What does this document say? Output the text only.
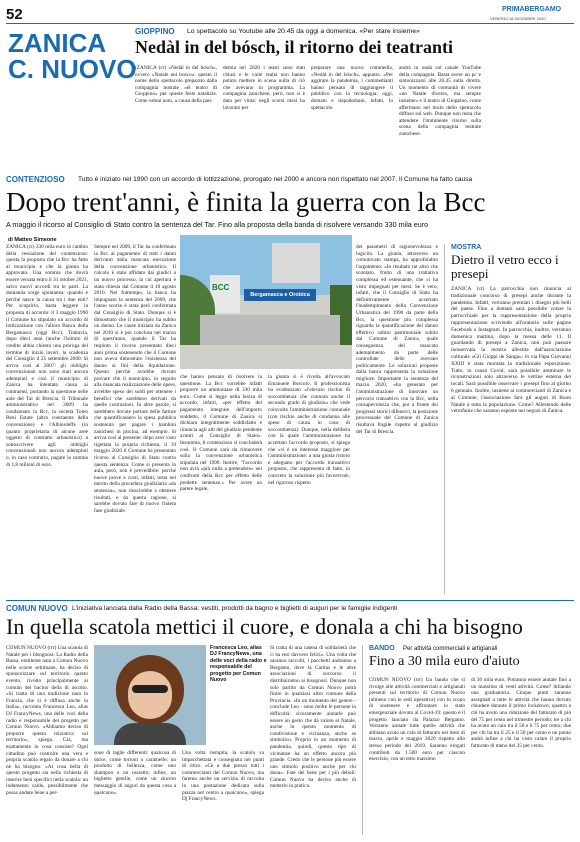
52	PRIMABERGAMO
VENERDÌ 18 DICEMBRE 2020
ZANICA
C. NUOVO
GIOPPINO Lo spettacolo su Youtube alle 20.45 da oggi a domenica. «Per stare insieme»
Nedàl in del bósch, il ritorno dei teatranti
(ZANICA (cr) «Nedàl in del bósch», ovvero «Natale nel bosco»: questo il nome dello spettacolo preparato dalla compagnia teatrale «el teatro di Gioppino» per queste feste natalizie. Come ormai noto, a causa della pan-
demia nel 2020 i teatri sono stati chiusi e le varie realtà non hanno potuto mettere in scena nulla di ciò che avevano in programma. La compagnia zanichese, però, non si è data per vinta: negli scorsi mesi ha lavorato per
preparare una nuova commedia, «Nedàl in del bósch», appunto. «Per aggirare la pandemia, i commedianti hanno pensato di raggiungere il pubblico con la tecnologia: oggi, domani e dopodomani, infatti, lo spettacolo
andrà in onda sul canale YouTube della compagnia. Basta avere un pc e sintonizzarsi alle 20.45 sulla diretta. Un momento di comunità di vivere «un Natale diverso, ma sempre insieme» e il teatro di Gioppino, come affermano nel titolo dello spettacolo diffuso sul web. Dunque non resta che attendere l'imminente ritorno sulla scena della compagnia teatrale zanichese.
CONTENZIOSO Tutto è iniziato nel 1990 con un accordo di lottizzazione, prorogato nel 2000 e ancora non rispettato nel 2007. Il Comune ha fatto causa
Dopo trent'anni, è finita la guerra con la Bcc
A maggio il ricorso al Consiglio di Stato contro la sentenza del Tar. Fino alla proposta della banda di risolvere versando 330 mila euro
di Matteo Simeone
ZANICA (ct) 330 mila euro in cambio della cessazione del contenzioso: questa la proposta che la Bcc ha fatto al municipio e che la giunta ha approvato. Una somma che dovrà essere versata entro il 31 ottobre 2021, salvo nuovi accordi tra le parti. La domanda sorge spontanea: quando e perché nasce la causa tra i due enti? Per scoprirlo, basta leggere la proposta di accordo: il 3 maggio 1990 il Comune ha stipulato un accordo di lottizzazione con l'allora Banca della Bergamasca (oggi Bcc). Trattavia, dopo dieci anni (anche l'istituto di credito abbia chiesto una proroga del termine di inizio lavori, la scadenza del Consiglio il 25 settembre 2000. Si arriva così al 2007: gli obblighi convenzionali non sono stati ancora adempiuti e così il municipio di Zanica ha intentato causa ai contraenti, portando la questione nelle aule del Tar di Brescia. Il Tribunale amministrativo nel 2009 ha condannato la Bcc, la società Toleo Beni Estate (altra contraente della convenzione) e l'Albinoleffe (in quanto proprietaria di alcune aree oggetto di contratto urbanistico) a sottoscrivere agli obblighi convenzionali non ancora adempiuti o, in caso contrario, pagare la somma di 1,8 milioni di euro.
Sempre nel 2009, il Tar ha confermato la Bcc al pagamento di tutti i danni derivanti dalla mancata esecuzione della convenzione urbanistica. Il calcolo è stato affidato dai giudici a un nuovo processo, la cui apertura è stata chiesta dal Comune il 10 agosto 2010. Nel frattempo, la banca ha impugnato la sentenza del 2009, che l'anno scorso è stata però confermata dal Consiglio di Stato. Dunque si è dimostrato che il municipio ha subito un danno. Le cause iniziata da Zanica nel 2010 si è poi conclusa nel marzo di quest'anno, quando il Tar ha respinto il ricorso presentato dieci anni prima sostenendo che il Comune non aveva dimostrato l'esistenza del danno ai fini della liquidazione. Questo perché avrebbe dovuto provare che il municipio, in seguito alla mancata realizzazione delle opere, avrebbe speso dei soldi per ottenere i benefici che sarebbero derivati da quelle costruzioni. In altre parole, si sarebbero dovute portare delle fatture che quantificassero la spesa pubblica sostenuta per pagare i bambini zanichesi in piscina, ad esempio. Si arriva così al presente: dopo aver visto rigettata la propria richiesta, il 19 maggio 2020 il Comune ha presentato ricorso al Consiglio di Stato contro questa sentenza. Come si presenta in aula, però, non è prevedibile: perché nuove prove a costi, infatti, resta nel merito della procedura giudiziaria «da sentenza», non riuscirebbe a ottenere risultati, e da questa ragione, si sarebbe dovuto fare di nuovo l'intera fase giudiziale.
BCC
Bergamasca e Orobica
che hanno pensato di risolvere la questione. La Bcc vorrebbe infatti proporre un ammontare di 330 mila euro. Come si legge nella bozza di accordo, infatti, «per effetto del pagamento integrale dell'importo suddetto, il Comune di Zanica si dichiara integralmente soddisfatto e rinuncia agli atti del giudizio pendente avanti al Consiglio di Stato». Insomma, il contenzioso si concluderà così. Il Comune sarà da rimuovere sulla la convenzione urbanistica stipulata nel 1990. Inoltre, "l'accordo non avrà «più nulla a pretendere» nei confronti della Bcc per effetto delle predette sentenze.» Per avere un parere legale,
la giunta si è rivolta all'avvocato Emanuele Boscolo. Il professionista ha evidenziato «l'elevato rischio di soccombenza che connota anche il secondo grado di giudizio» che vede coinvolta l'amministrazione comunale (con rischio anche di condanna alle spese di causa in caso di soccombenza). Dunque, nella delibera con la quale l'amministrazione ha accettato l'accordo proposto, si spiega che «vi è un interesse maggiore per l'amministrazione: a una giusta ristoro e adeguato per l'accordo transattivo proposto, che rappresenta di fatto, in concreto la soluzione più favorevole, nel rigoroso rispetto
dei parametri di ragionevolezza e logicità. La giunta, attraverso un comunicato stampa, ha approfondito l'argomento: «In risultato rat altro che scontato, frutto di una trattativa complessa ed estenuante, che si ha visto impegnati per mesi. Se è vero, infatti, che il Consiglio di Stato ha definitivamente accertato l'inadempimento della Convenzione Urbanistica del 1990 da parte della Bcc, la questione più complessa riguarda la quantificazione del danno effettivo subito patrimoniale subito dal Comune di Zanica, quale conseguenza del mancato adempimento da parte delle controllate delle avevano politicamente. Le soluzioni proposte dalla banca rappresenta la soluzione migliore. Importante la sentenza del marzo 2020, «ha generato per l'amministrazione di innovare un percorso transattivo con la Bcc, nella consapevolezza che, pur a fronte dei progressi storici difensivi, la posizione processuale del Comune di Zanica risultava fragile rispetto al giudizio del Tar di Brescia.
MOSTRA
Dietro il vetro ecco i presepi
ZANICA (ct) La parrocchia non rinuncia al tradizionale concorso di presepi anche durante la pandemia. Infatti, verranno premiati i disegni più belli del paese. Fino a domani sarà possibile votare la parrocchiale per la rappresentazione della propria rappresentazione scrivendo all'oratorio sulle pagine Facebook o Instagram. In parrocchia, inoltre, verranno domenica mattina, dopo la messa delle 11. Il guardando di presepi a Zanica, non può passare inosservata la mostra allestita dall'associazione culturale «Gli Gioppi de Sanga»: in via Papa Giovanni XXIII è stata montata la tradizionale esposizione. Tutto, in causa Covid, sarà possibile ammirare le riconstruzioni solo attraverso le vetrine esterna dei locali. Sarà possibile osservare i presepi fino al giorno 6 gennaio. Inoltre, insieme ai commercianti di Zanica e al Comune, l'associazione farà gli auguri di Buon Natale a tutta la popolazione. Come? Allestendo delle vetrofanie che saranno esposte nei negozi di Zanica.
COMUN NUOVO L'iniziativa lanciata dalla Radio della Bassa: vestiti, prodotti da bagno e biglietti di auguri per le famiglie indigenti
In quella scatola mettici il cuore, e donala a chi ha bisogno
COMUN NUOVO (rrr) Una scatola di Natale per i bisognosi. La Radio della Bassa, emittente nata a Comun Nuovo nelle scorse settimane, ha deciso di sponsorizzare sul territorio questo evento, rivolto principalmente ai comuni del bacino della di ascolto. «Si tratta di una tradizione nata in Francia, che si è diffusa anche in Italia», racconta Francesca Leo, alias DJ FrancyNews, una delle voci della radio e responsabile del progetto per Comun Nuovo. «Abbiamo deciso di proporre questa iniziativa sul territorio», spiega. Già, ma esattamente in cosa consiste? Ogni cittadino può costruire una vera e propria scatola regalo da donare a chi ne ha bisogno. «Al cosa bella di questo progetto sta nella richiesta di inserire beni specifici nella scatola: un indumento caldo, possibilmente che possa andare bene a per-
Francesca Leo, alias DJ FrancyNews, una delle voci della radio e responsabile del progetto per Comun Nuovo
sone di taglie differenti: qualcosa di dolce, come torroni o caramelle; un prodotto di bellezza, come uno shampoo o un rossetto; infine, un biglietto gentile, come un sincero messaggio di auguri da questa cosa a qualcuno».
Una volta riempita, la scatola va impacchettata e consegnata nei punti di ritiro. «Cè a due presso tutti i commercianti del Comun Nuovo, ma faremo anche un servizio di raccolta in una postazione dedicata sulla piazza nel centro a qualcuno», spiega Dj FrancyNews.
Si tratta di una catena di solidarietà che ci ha resi davvero felici». Una volta che saranno raccolti, i pacchetti andranno a Bergamo, dove la Caritas e le altre associazioni di soccorso li distribuiranno ai bisognosi. Dunque non solo partito da Comun Nuovo potrà finire in qualsiasi altro comune della Provincia. «In un momento del genere - conclude Leo - sono molte le persone in difficoltà: sicuramente aiutarle può essere un gesto che dà valore al Natale, anche in questo momento di condivisione e vicinanza, anche se simbolico. Proprio in un momento di pandemia, quindi, questo tipo di vicinanze ha un effetto ancora più grande. Credo che le persone più essere uno stimolo positivo anche per chi dona». Fate del bene per i più deboli: Comun Nuovo ha deciso anche di metterlo in pratica.
BANDO Per attività commerciali e artigianali
Fino a 30 mila euro d'aiuto
COMUN NUOVO (rrr) Un bando che si rivolge alle attività commerciali e artigianali presenti sul territorio di Comun Nuovo (almeno con le sedi operativa) con lo scopo di sostenere e affrontare lo stato emergenziale dovuto al Covid-19: questo è il progetto lanciato da Palazzo Bergamo. Verranno aiutate tutte quelle attività che abbiano avuto un calo di fatturato nei mesi di marzo, aprile e maggio 2020 rispetto allo stesso periodo del 2019. Saranno erogati contributi da 1.500 euro per ciascun esercizio, con un tetto massimo
di 30 mila euro. Potranno essere aiutate fino a un massimo di venti attività. Come? Stilando una graduatoria. Cinque punti saranno assegnati a tutte le attività che hanno dovuto chiudere durante il primo lockdown; quattro a chi ha avuto una riduzione del fatturato di più del 75 per cento nel trimestre periodo; tre a chi ha avuto un calo tra il 50 e il 75 per cento; due per chi ha tra il 25 e il 50 per cento e un punto andrà infine a chi ha visto calare il proprio fatturato di meno del 25 per cento.
